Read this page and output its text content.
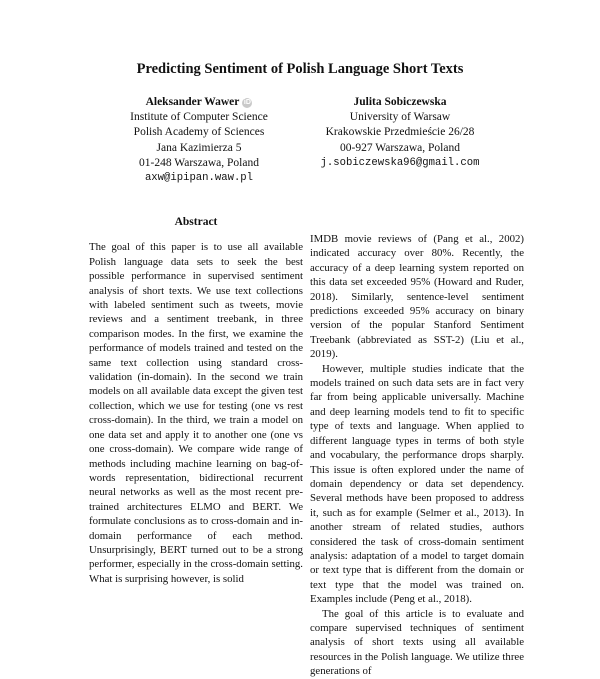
Predicting Sentiment of Polish Language Short Texts
Aleksander Wawer iD
Institute of Computer Science
Polish Academy of Sciences
Jana Kazimierza 5
01-248 Warszawa, Poland
axw@ipipan.waw.pl
Julita Sobiczewska
University of Warsaw
Krakowskie Przedmieście 26/28
00-927 Warszawa, Poland
j.sobiczewska96@gmail.com
Abstract

The goal of this paper is to use all available Polish language data sets to seek the best possible performance in supervised sentiment analysis of short texts. We use text collections with labeled sentiment such as tweets, movie reviews and a sentiment treebank, in three comparison modes. In the first, we examine the performance of models trained and tested on the same text collection using standard cross-validation (in-domain). In the second we train models on all available data except the given test collection, which we use for testing (one vs rest cross-domain). In the third, we train a model on one data set and apply it to another one (one vs one cross-domain). We compare wide range of methods including machine learning on bag-of-words representation, bidirectional recurrent neural networks as well as the most recent pre-trained architectures ELMO and BERT. We formulate conclusions as to cross-domain and in-domain performance of each method. Unsurprisingly, BERT turned out to be a strong performer, especially in the cross-domain setting. What is surprising however, is solid

IMDB movie reviews of (Pang et al., 2002) indicated accuracy over 80%. Recently, the accuracy of a deep learning system reported on this data set exceeded 95% (Howard and Ruder, 2018). Similarly, sentence-level sentiment predictions exceeded 95% accuracy on binary version of the popular Stanford Sentiment Treebank (abbreviated as SST-2) (Liu et al., 2019).

However, multiple studies indicate that the models trained on such data sets are in fact very far from being applicable universally. Machine and deep learning models tend to fit to specific type of texts and language. When applied to different language types in terms of both style and vocabulary, the performance drops sharply. This issue is often explored under the name of domain dependency or data set dependency. Several methods have been proposed to address it, such as for example (Selmer et al., 2013). In another stream of related studies, authors considered the task of cross-domain sentiment analysis: adaptation of a model to target domain or text type that is different from the domain or text type that the model was trained on. Examples include (Peng et al., 2018).

The goal of this article is to evaluate and compare supervised techniques of sentiment analysis of short texts using all available resources in the Polish language. We utilize three generations of
